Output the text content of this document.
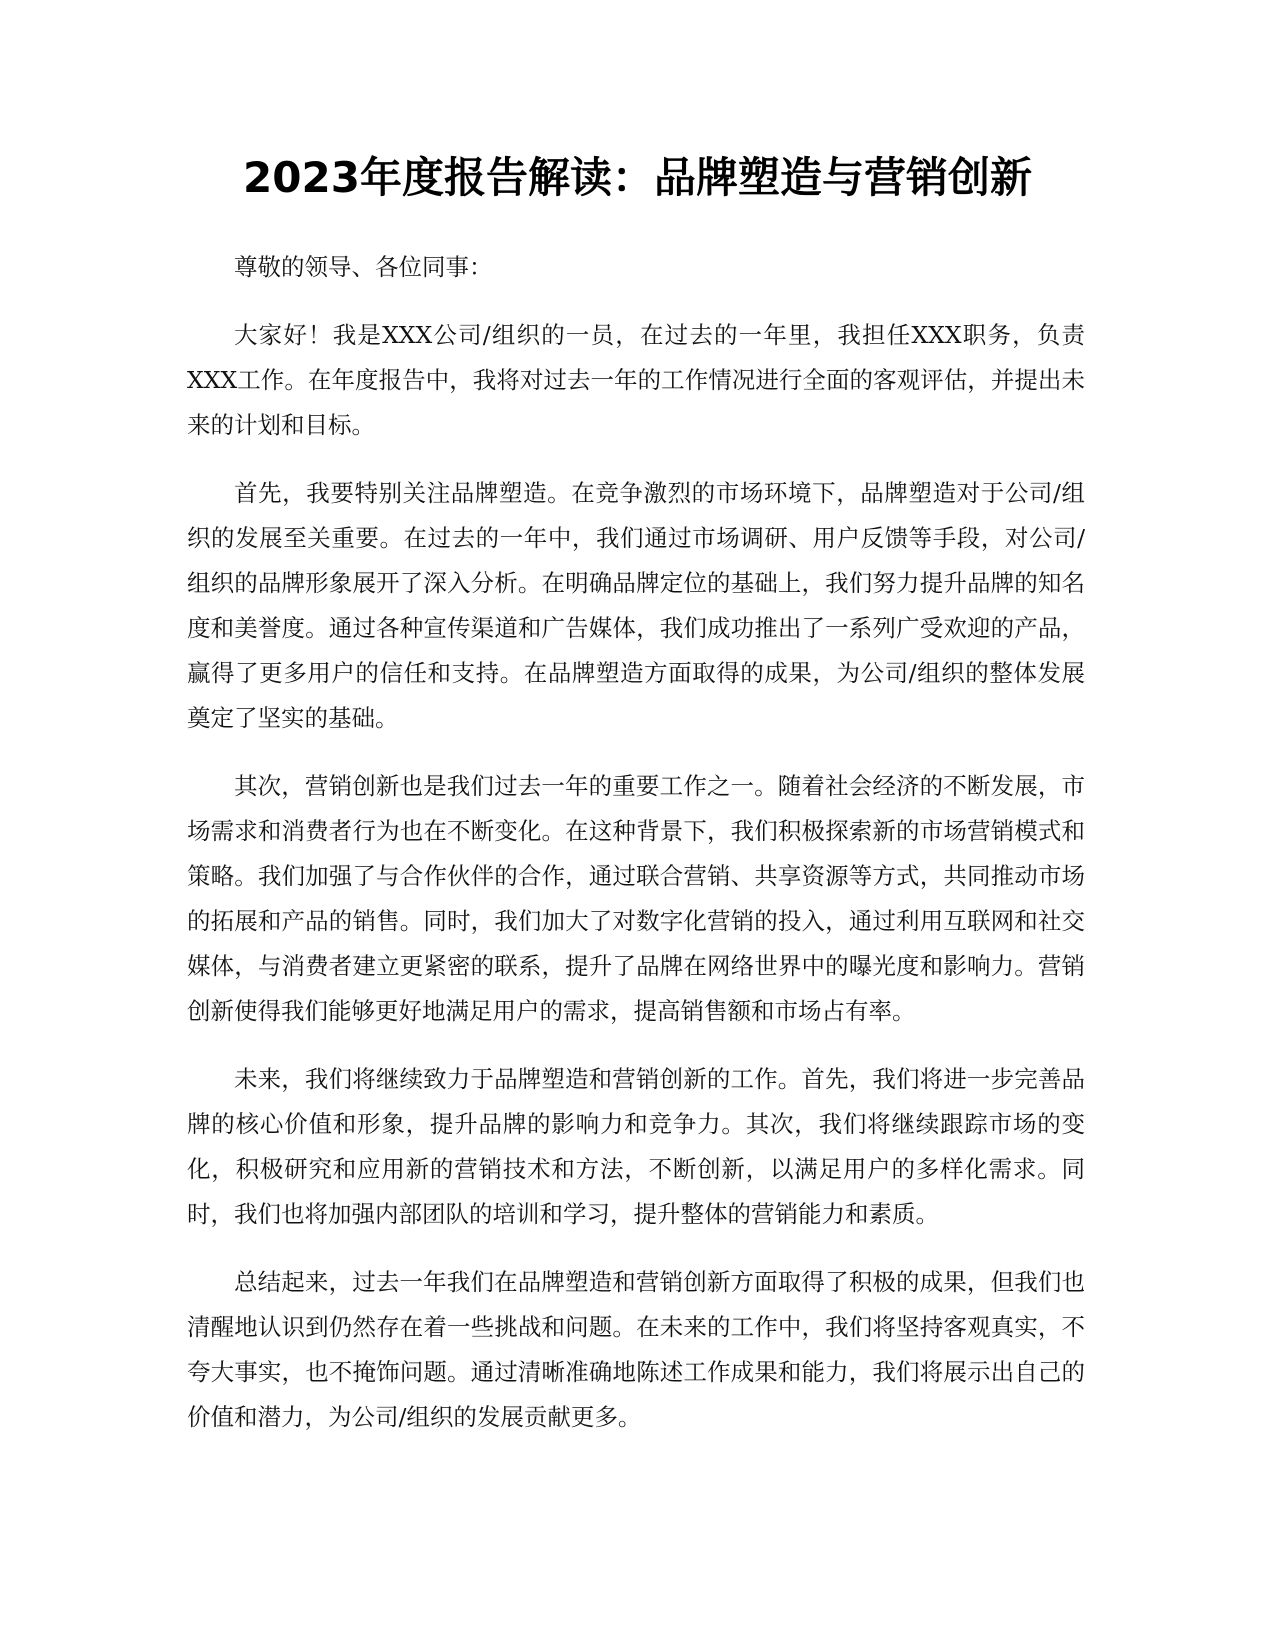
2023年度报告解读：品牌塑造与营销创新

尊敬的领导、各位同事：

大家好！我是XXX公司/组织的一员，在过去的一年里，我担任XXX职务，负责XXX工作。在年度报告中，我将对过去一年的工作情况进行全面的客观评估，并提出未来的计划和目标。

首先，我要特别关注品牌塑造。在竞争激烈的市场环境下，品牌塑造对于公司/组织的发展至关重要。在过去的一年中，我们通过市场调研、用户反馈等手段，对公司/组织的品牌形象展开了深入分析。在明确品牌定位的基础上，我们努力提升品牌的知名度和美誉度。通过各种宣传渠道和广告媒体，我们成功推出了一系列广受欢迎的产品，赢得了更多用户的信任和支持。在品牌塑造方面取得的成果，为公司/组织的整体发展奠定了坚实的基础。

其次，营销创新也是我们过去一年的重要工作之一。随着社会经济的不断发展，市场需求和消费者行为也在不断变化。在这种背景下，我们积极探索新的市场营销模式和策略。我们加强了与合作伙伴的合作，通过联合营销、共享资源等方式，共同推动市场的拓展和产品的销售。同时，我们加大了对数字化营销的投入，通过利用互联网和社交媒体，与消费者建立更紧密的联系，提升了品牌在网络世界中的曝光度和影响力。营销创新使得我们能够更好地满足用户的需求，提高销售额和市场占有率。

未来，我们将继续致力于品牌塑造和营销创新的工作。首先，我们将进一步完善品牌的核心价值和形象，提升品牌的影响力和竞争力。其次，我们将继续跟踪市场的变化，积极研究和应用新的营销技术和方法，不断创新，以满足用户的多样化需求。同时，我们也将加强内部团队的培训和学习，提升整体的营销能力和素质。

总结起来，过去一年我们在品牌塑造和营销创新方面取得了积极的成果，但我们也清醒地认识到仍然存在着一些挑战和问题。在未来的工作中，我们将坚持客观真实，不夸大事实，也不掩饰问题。通过清晰准确地陈述工作成果和能力，我们将展示出自己的价值和潜力，为公司/组织的发展贡献更多。
